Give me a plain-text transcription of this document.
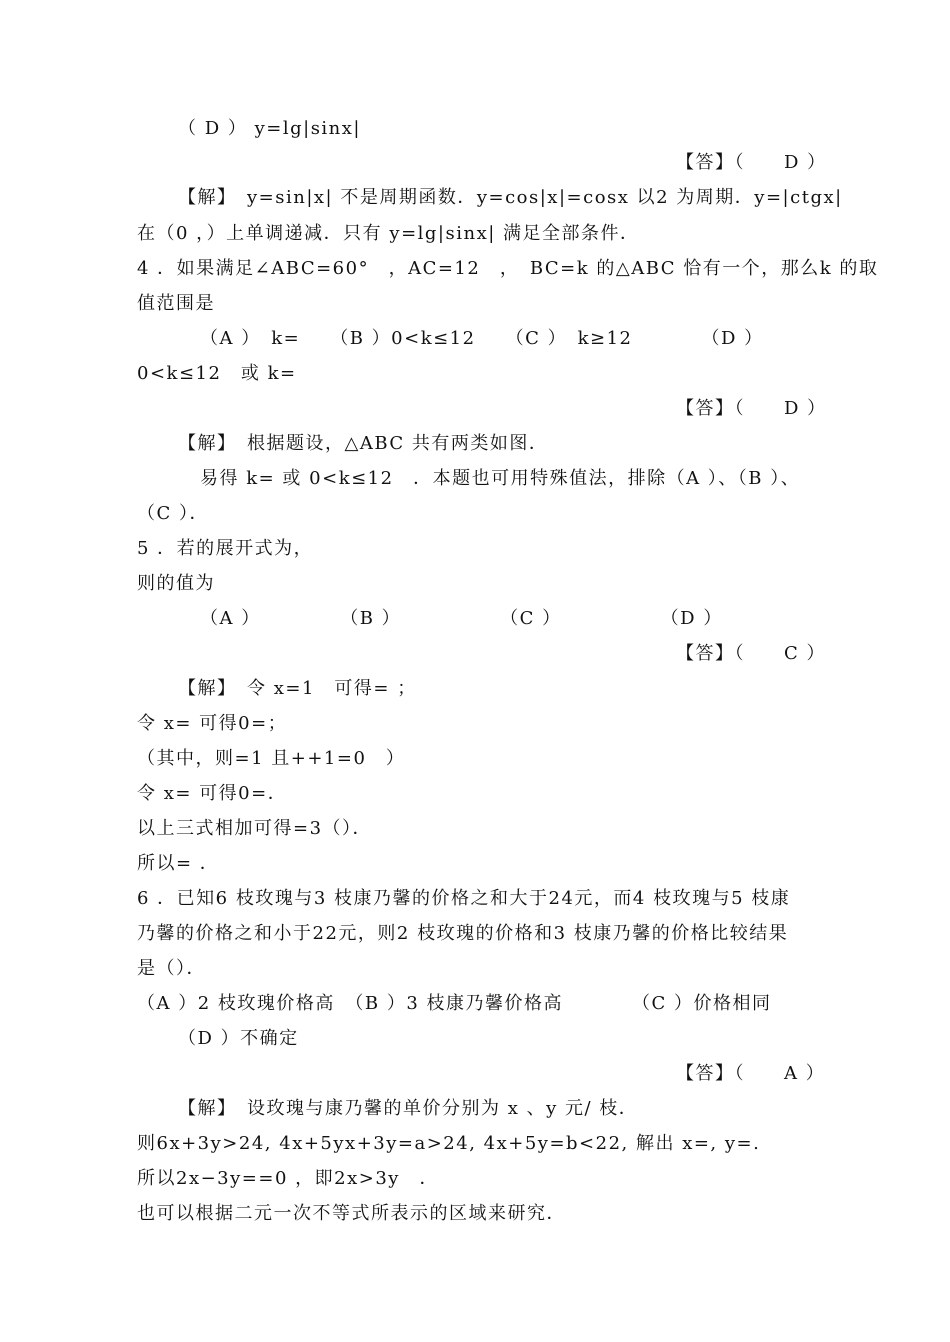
（ D ） y=lg|sinx|
【答】（　　D ）
【解】　y=sin|x| 不是周期函数．y=cos|x|=cosx 以2 为周期．y=|ctgx|
在（0 ，）上单调递减．只有 y=lg|sinx| 满足全部条件．
4 ．如果满足∠ABC=60°　，AC=12　，　BC=k 的△ABC 恰有一个，那么k 的取
值范围是
（A ）　k=　　（B ）0<k≤12　　（C ）　k≥12　　　　（D ）
0<k≤12　或 k=
【答】（　　D ）
【解】　根据题设，△ABC 共有两类如图．
易得 k= 或 0<k≤12　．本题也可用特殊值法，排除（A ）、（B ）、
（C ）．
5 ．若的展开式为，
则的值为
（A ）　　　　　（B ）　　　　　　（C ）　　　　　　（D ）
【答】（　　C ）
【解】　令 x=1　可得= ；
令 x= 可得0=；
（其中，则=1 且++1=0　）
令 x= 可得0=．
以上三式相加可得=3（）．
所以= ．
6 ．已知6 枝玫瑰与3 枝康乃馨的价格之和大于24元，而4 枝玫瑰与5 枝康
乃馨的价格之和小于22元，则2 枝玫瑰的价格和3 枝康乃馨的价格比较结果
是（）．
（A ）2 枝玫瑰价格高　（B ）3 枝康乃馨价格高　　　　（C ）价格相同
（D ）不确定
【答】（　　A ）
【解】　设玫瑰与康乃馨的单价分别为 x 、y 元/ 枝．
则6x+3y>24, 4x+5yx+3y=a>24, 4x+5y=b<22, 解出 x=, y=.
所以2x−3y==0 ，即2x>3y　．
也可以根据二元一次不等式所表示的区域来研究．
